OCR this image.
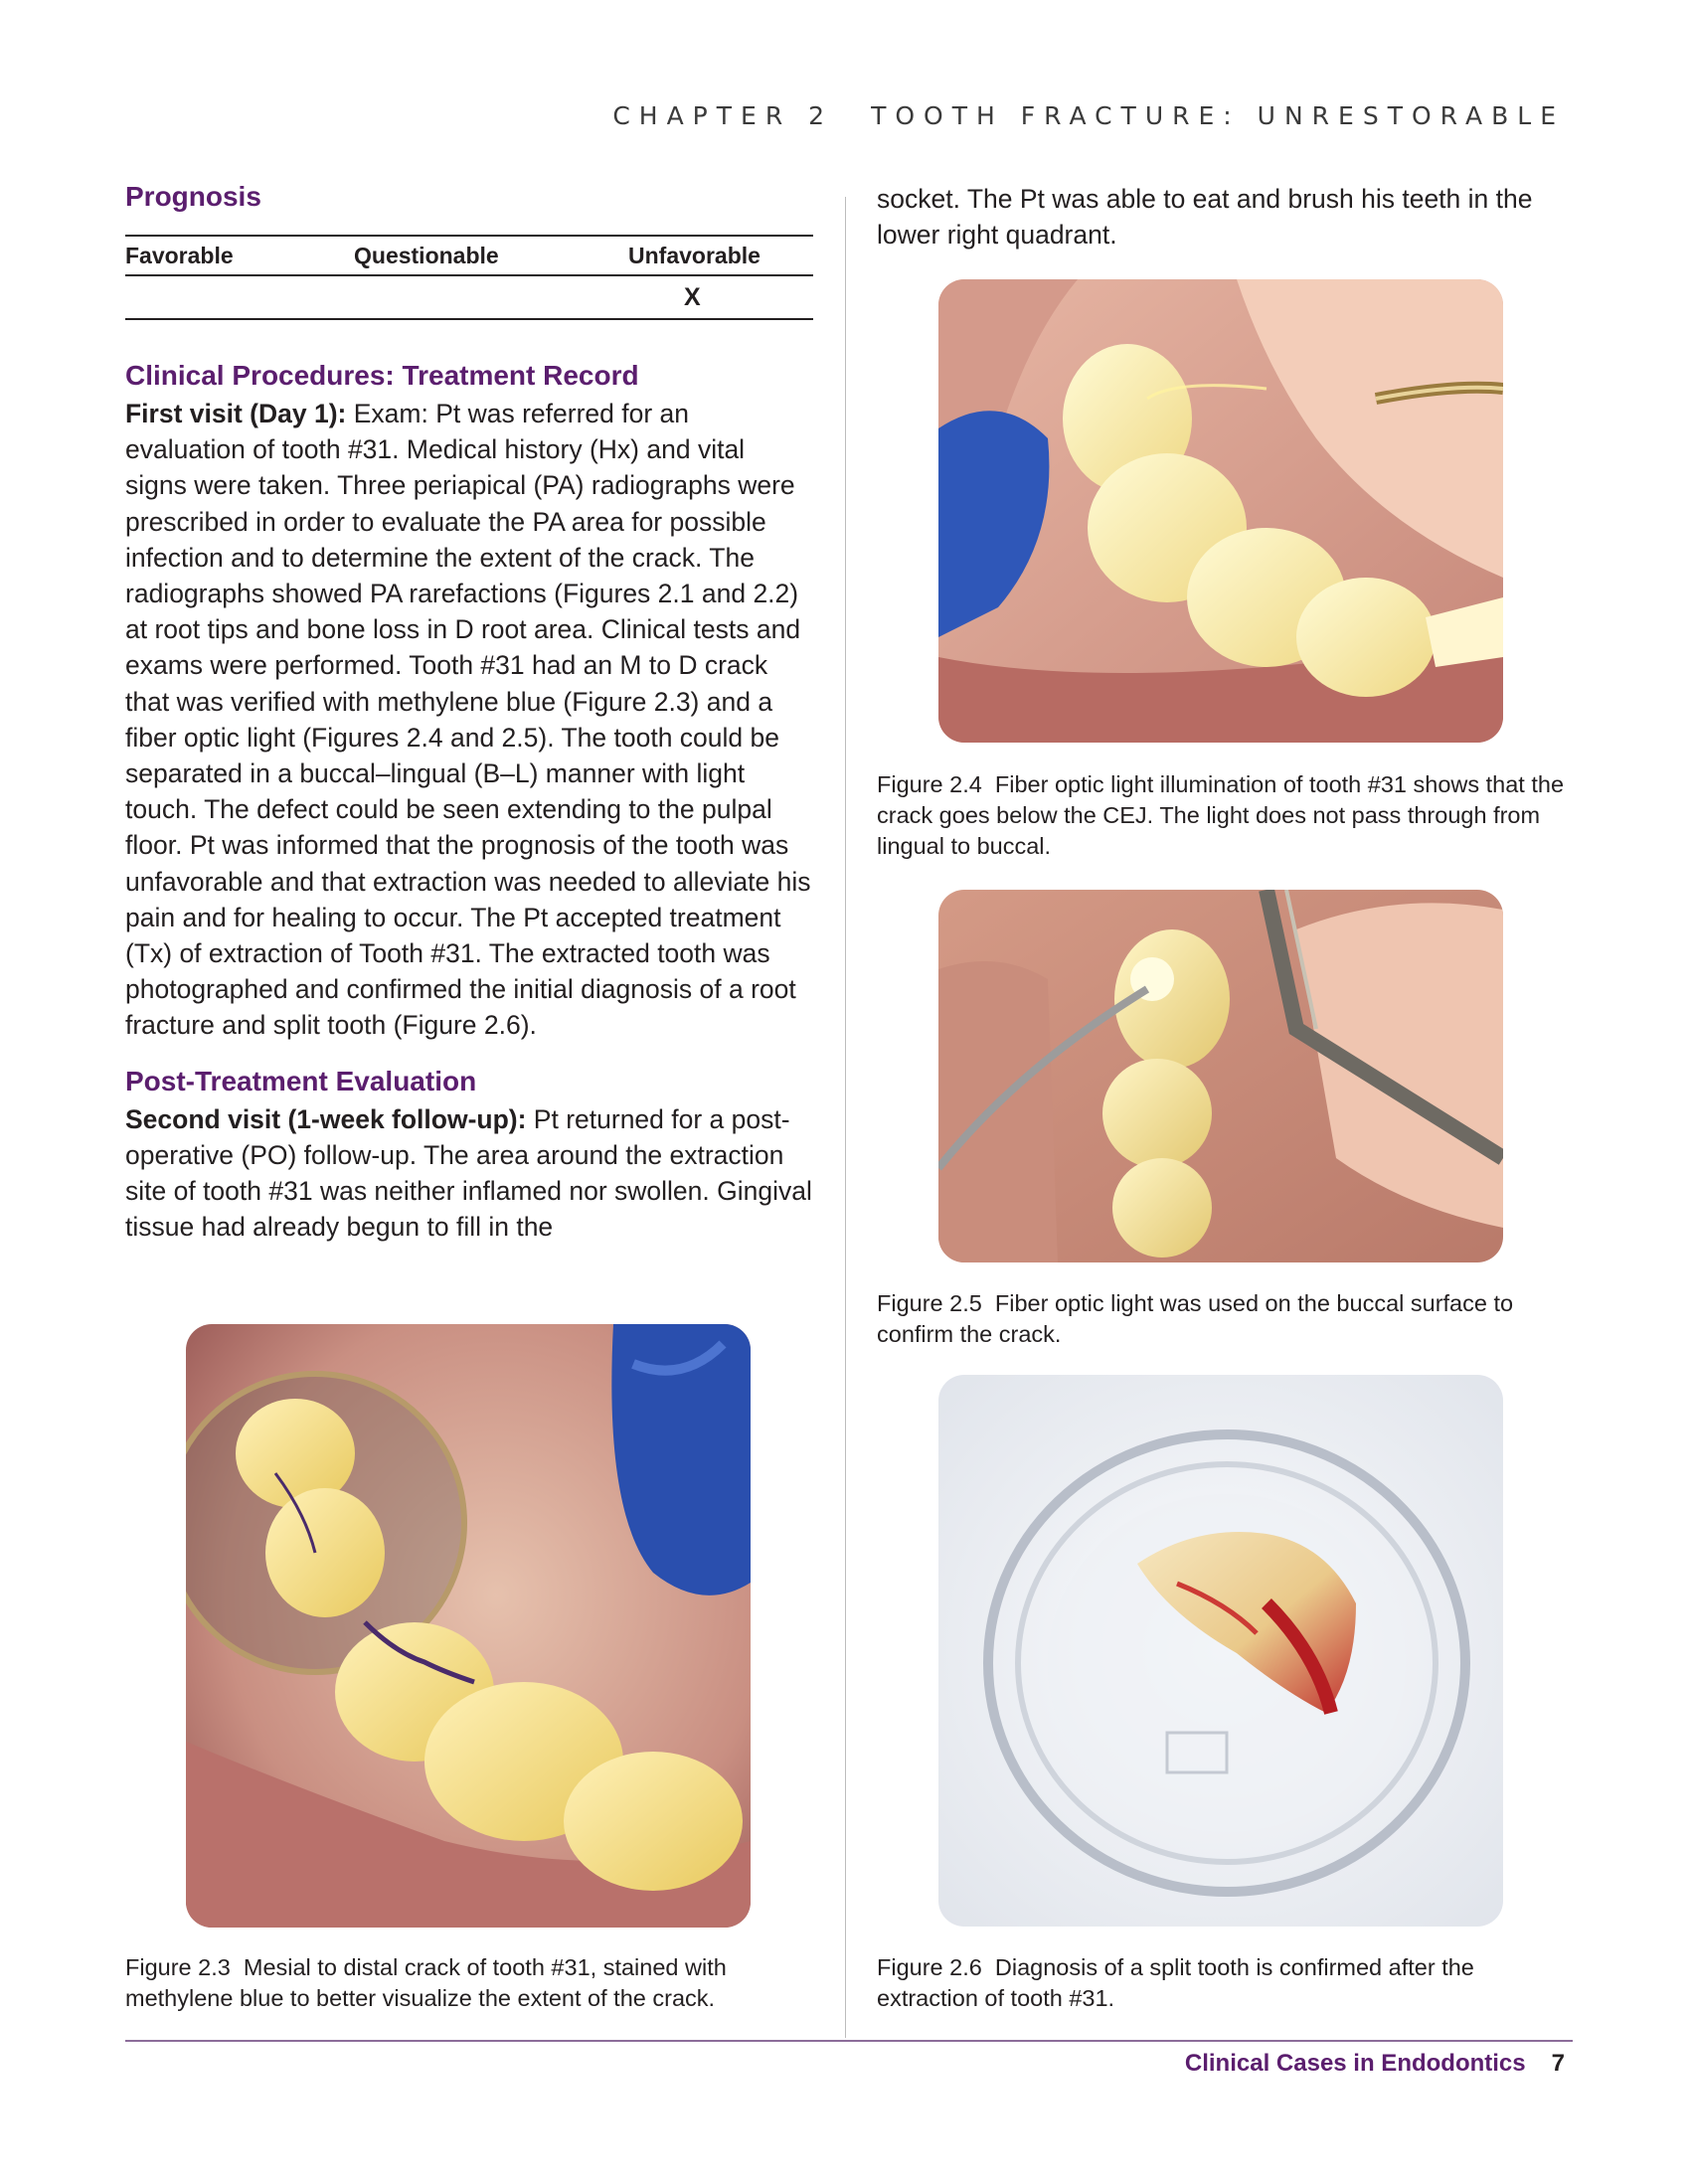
CHAPTER 2 TOOTH FRACTURE: UNRESTORABLE
Prognosis
Favorable	Questionable	Unfavorable
		X
Clinical Procedures: Treatment Record

First visit (Day 1): Exam: Pt was referred for an evaluation of tooth #31. Medical history (Hx) and vital signs were taken. Three periapical (PA) radiographs were prescribed in order to evaluate the PA area for possible infection and to determine the extent of the crack. The radiographs showed PA rarefactions (Figures 2.1 and 2.2) at root tips and bone loss in D root area. Clinical tests and exams were performed. Tooth #31 had an M to D crack that was verified with methylene blue (Figure 2.3) and a fiber optic light (Figures 2.4 and 2.5). The tooth could be separated in a buccal–lingual (B–L) manner with light touch. The defect could be seen extending to the pulpal floor. Pt was informed that the prognosis of the tooth was unfavorable and that extraction was needed to alleviate his pain and for healing to occur. The Pt accepted treatment (Tx) of extraction of Tooth #31. The extracted tooth was photographed and confirmed the initial diagnosis of a root fracture and split tooth (Figure 2.6).

Post-Treatment Evaluation

Second visit (1-week follow-up): Pt returned for a post-operative (PO) follow-up. The area around the extraction site of tooth #31 was neither inflamed nor swollen. Gingival tissue had already begun to fill in the

socket. The Pt was able to eat and brush his teeth in the lower right quadrant.

Figure 2.3 Mesial to distal crack of tooth #31, stained with methylene blue to better visualize the extent of the crack.
Figure 2.4 Fiber optic light illumination of tooth #31 shows that the crack goes below the CEJ. The light does not pass through from lingual to buccal.
Figure 2.5 Fiber optic light was used on the buccal surface to confirm the crack.
Figure 2.6 Diagnosis of a split tooth is confirmed after the extraction of tooth #31.
Clinical Cases in Endodontics 7
